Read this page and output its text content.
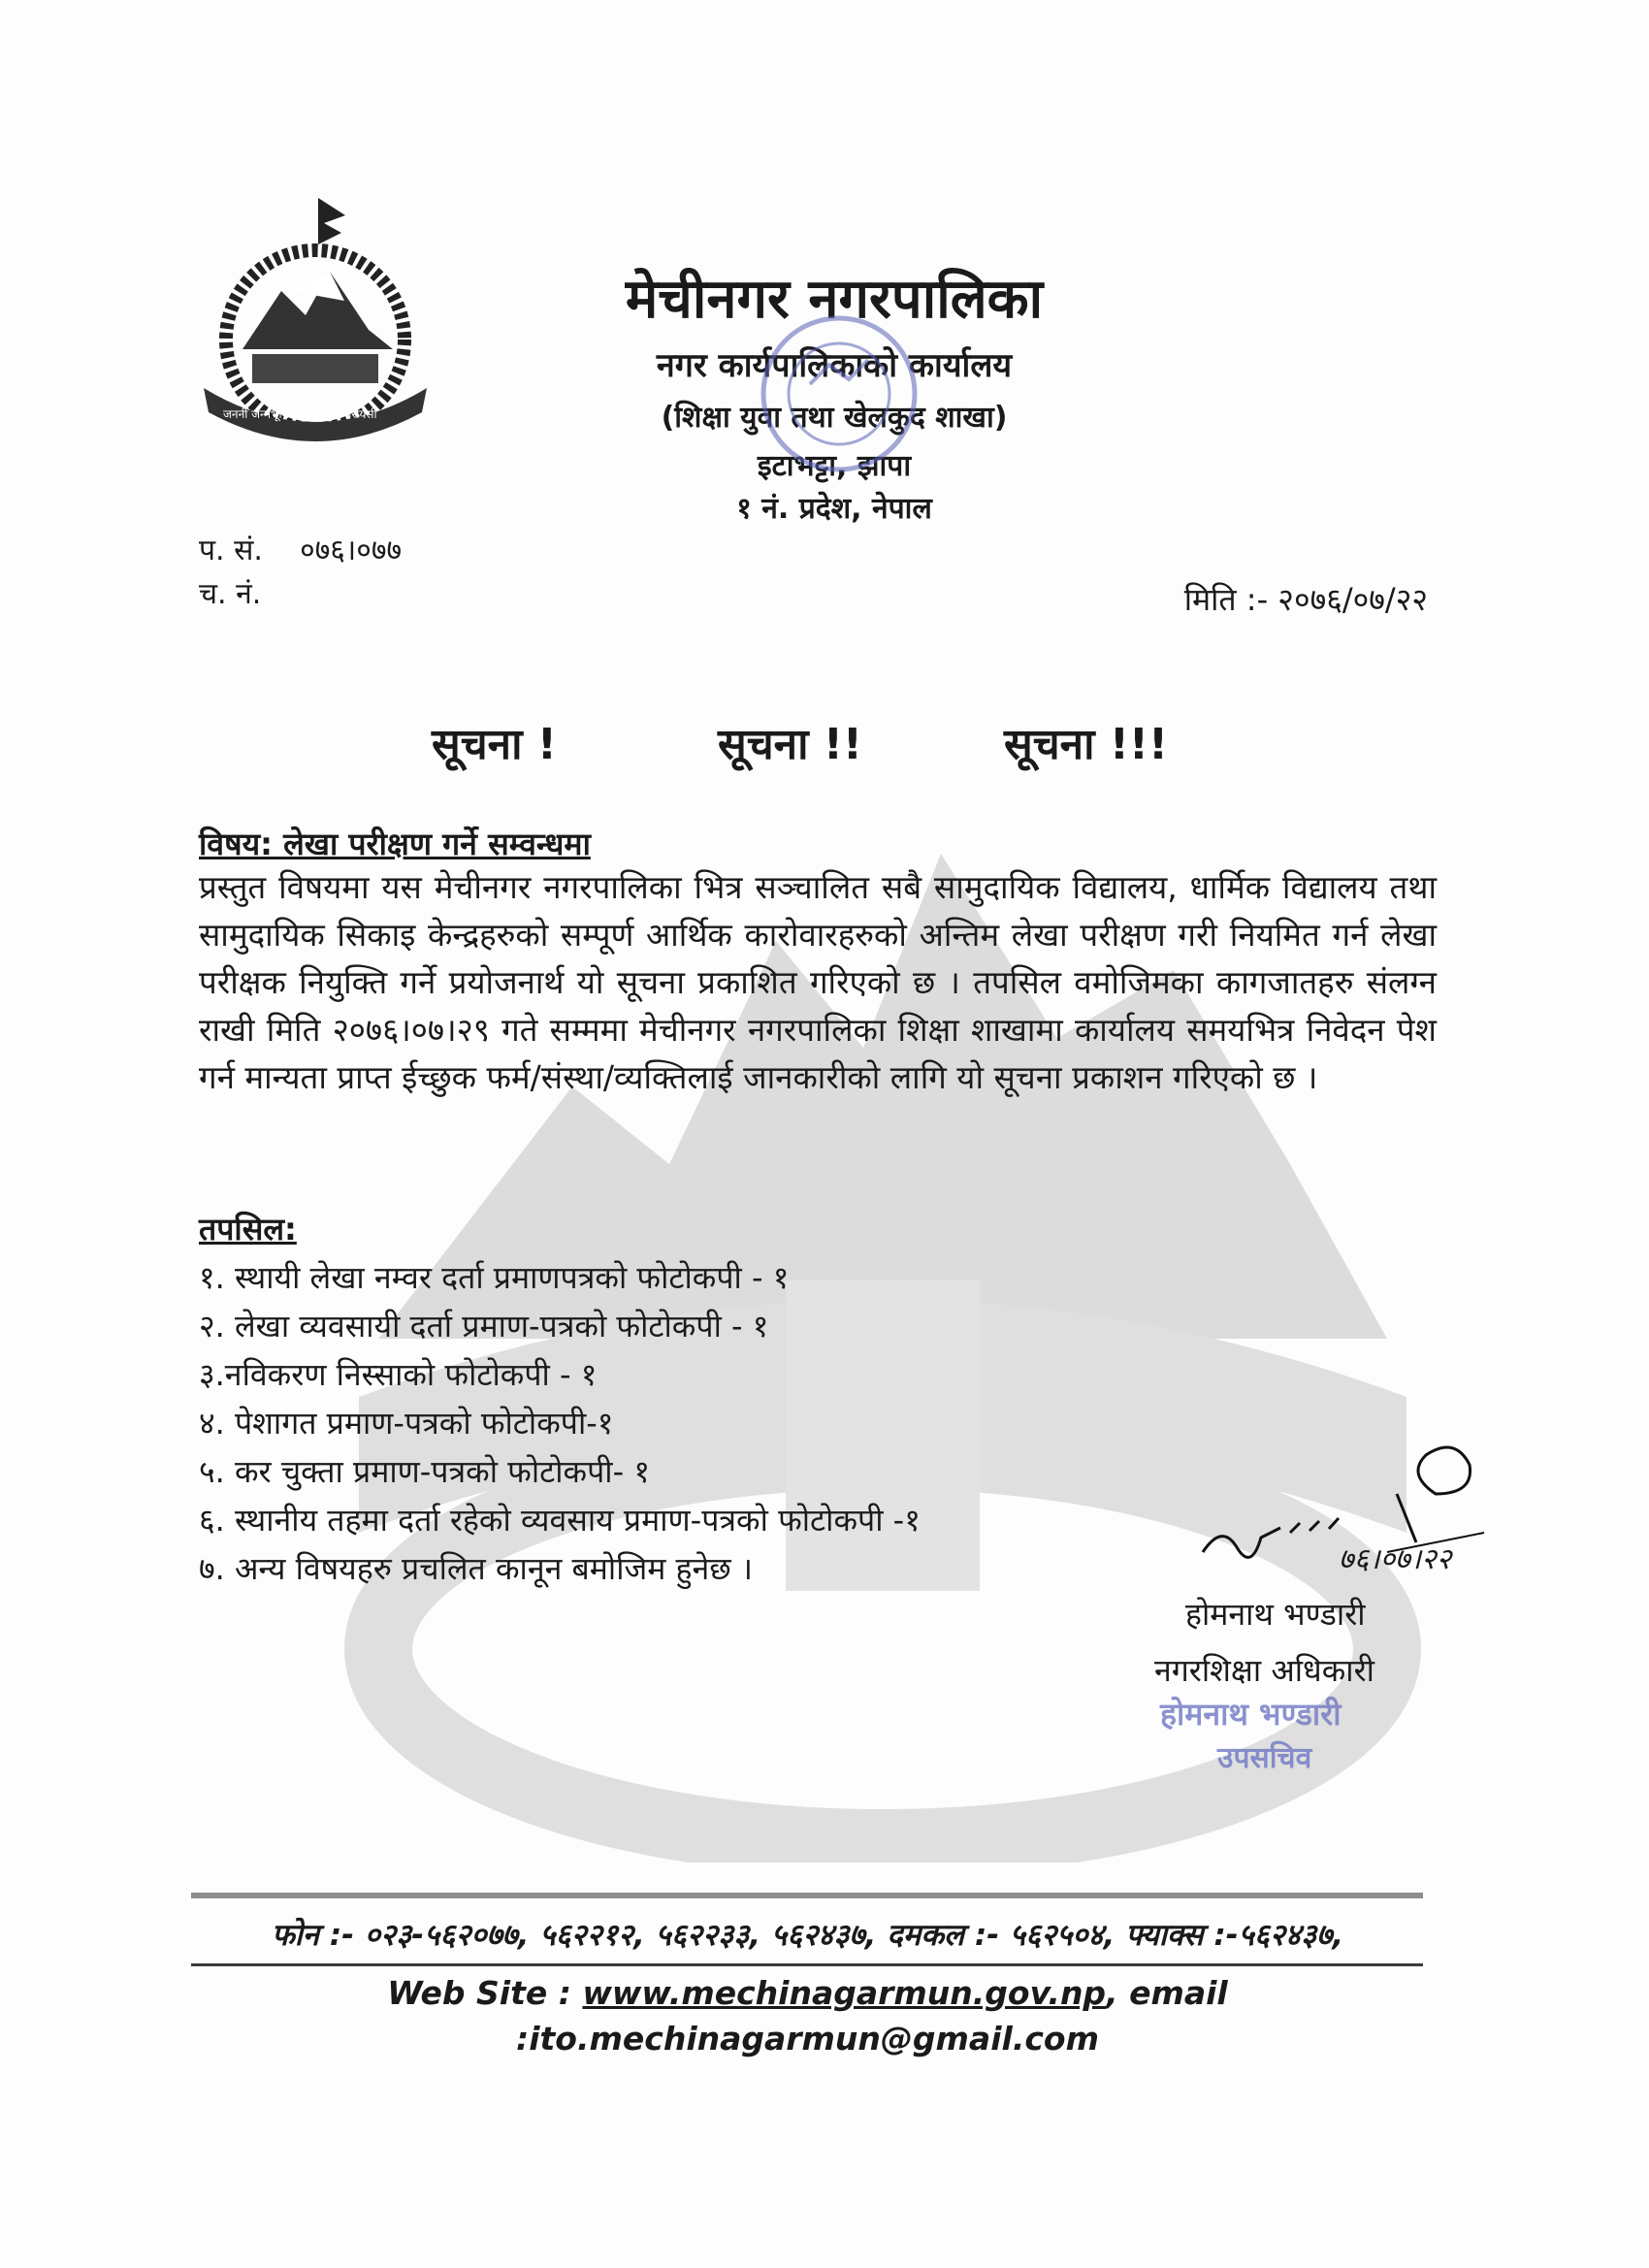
जननी जन्मभूमिश्च स्वर्गादपि गरीयसी
मेचीनगर नगरपालिका
नगर कार्यपालिकाको कार्यालय
(शिक्षा युवा तथा खेलकुद शाखा)
इटाभट्टा, झापा
१ नं. प्रदेश, नेपाल
प. सं. ०७६।०७७
च. नं.	मिति :- २०७६/०७/२२
सूचना !	सूचना !!	सूचना !!!
विषय: लेखा परीक्षण गर्ने सम्वन्धमा
प्रस्तुत विषयमा यस मेचीनगर नगरपालिका भित्र सञ्चालित सबै सामुदायिक विद्यालय, धार्मिक विद्यालय तथा सामुदायिक सिकाइ केन्द्रहरुको सम्पूर्ण आर्थिक कारोवारहरुको अन्तिम लेखा परीक्षण गरी नियमित गर्न लेखा परीक्षक नियुक्ति गर्ने प्रयोजनार्थ यो सूचना प्रकाशित गरिएको छ । तपसिल वमोजिमका कागजातहरु संलग्न राखी मिति २०७६।०७।२९ गते सम्ममा मेचीनगर नगरपालिका शिक्षा शाखामा कार्यालय समयभित्र निवेदन पेश गर्न मान्यता प्राप्त ईच्छुक फर्म/संस्था/व्यक्तिलाई जानकारीको लागि यो सूचना प्रकाशन गरिएको छ ।
तपसिल:
१. स्थायी लेखा नम्वर दर्ता प्रमाणपत्रको फोटोकपी - १
२. लेखा व्यवसायी दर्ता प्रमाण-पत्रको फोटोकपी - १
३.नविकरण निस्साको फोटोकपी - १
४. पेशागत प्रमाण-पत्रको फोटोकपी-१
५. कर चुक्ता प्रमाण-पत्रको फोटोकपी- १
६. स्थानीय तहमा दर्ता रहेको व्यवसाय प्रमाण-पत्रको फोटोकपी -१
७. अन्य विषयहरु प्रचलित कानून बमोजिम हुनेछ ।	७६।०७।२२
होमनाथ भण्डारी
नगरशिक्षा अधिकारी
होमनाथ भण्डारी
उपसचिव
फोन :- ०२३-५६२०७७, ५६२२१२, ५६२२३३, ५६२४३७, दमकल :- ५६२५०४, फ्याक्स :-५६२४३७,
Web Site : www.mechinagarmun.gov.np, email
:ito.mechinagarmun@gmail.com
